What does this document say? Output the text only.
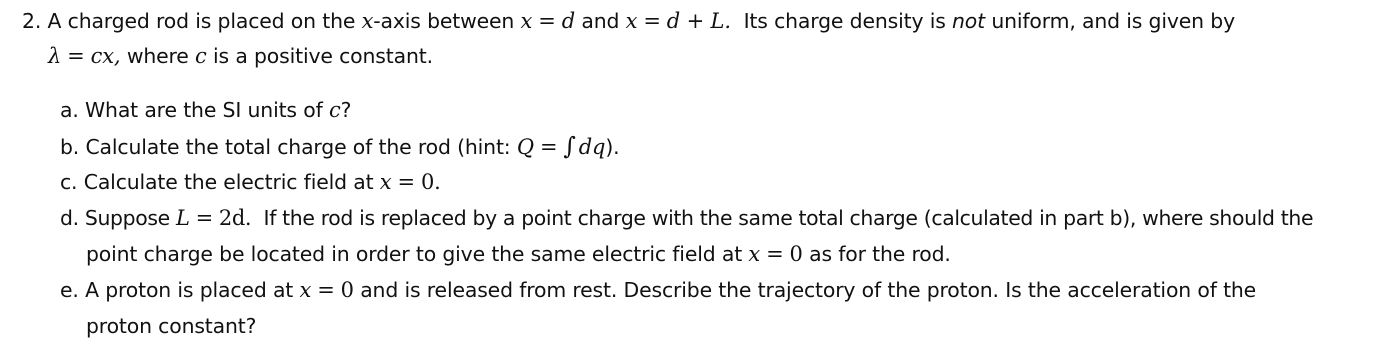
2. A charged rod is placed on the x-axis between x = d and x = d + L. Its charge density is not uniform, and is given by
λ = cx, where c is a positive constant.
a. What are the SI units of c?
b. Calculate the total charge of the rod (hint: Q = ∫ dq).
c. Calculate the electric field at x = 0.
d. Suppose L = 2d. If the rod is replaced by a point charge with the same total charge (calculated in part b), where should the
point charge be located in order to give the same electric field at x = 0 as for the rod.
e. A proton is placed at x = 0 and is released from rest. Describe the trajectory of the proton. Is the acceleration of the
proton constant?
